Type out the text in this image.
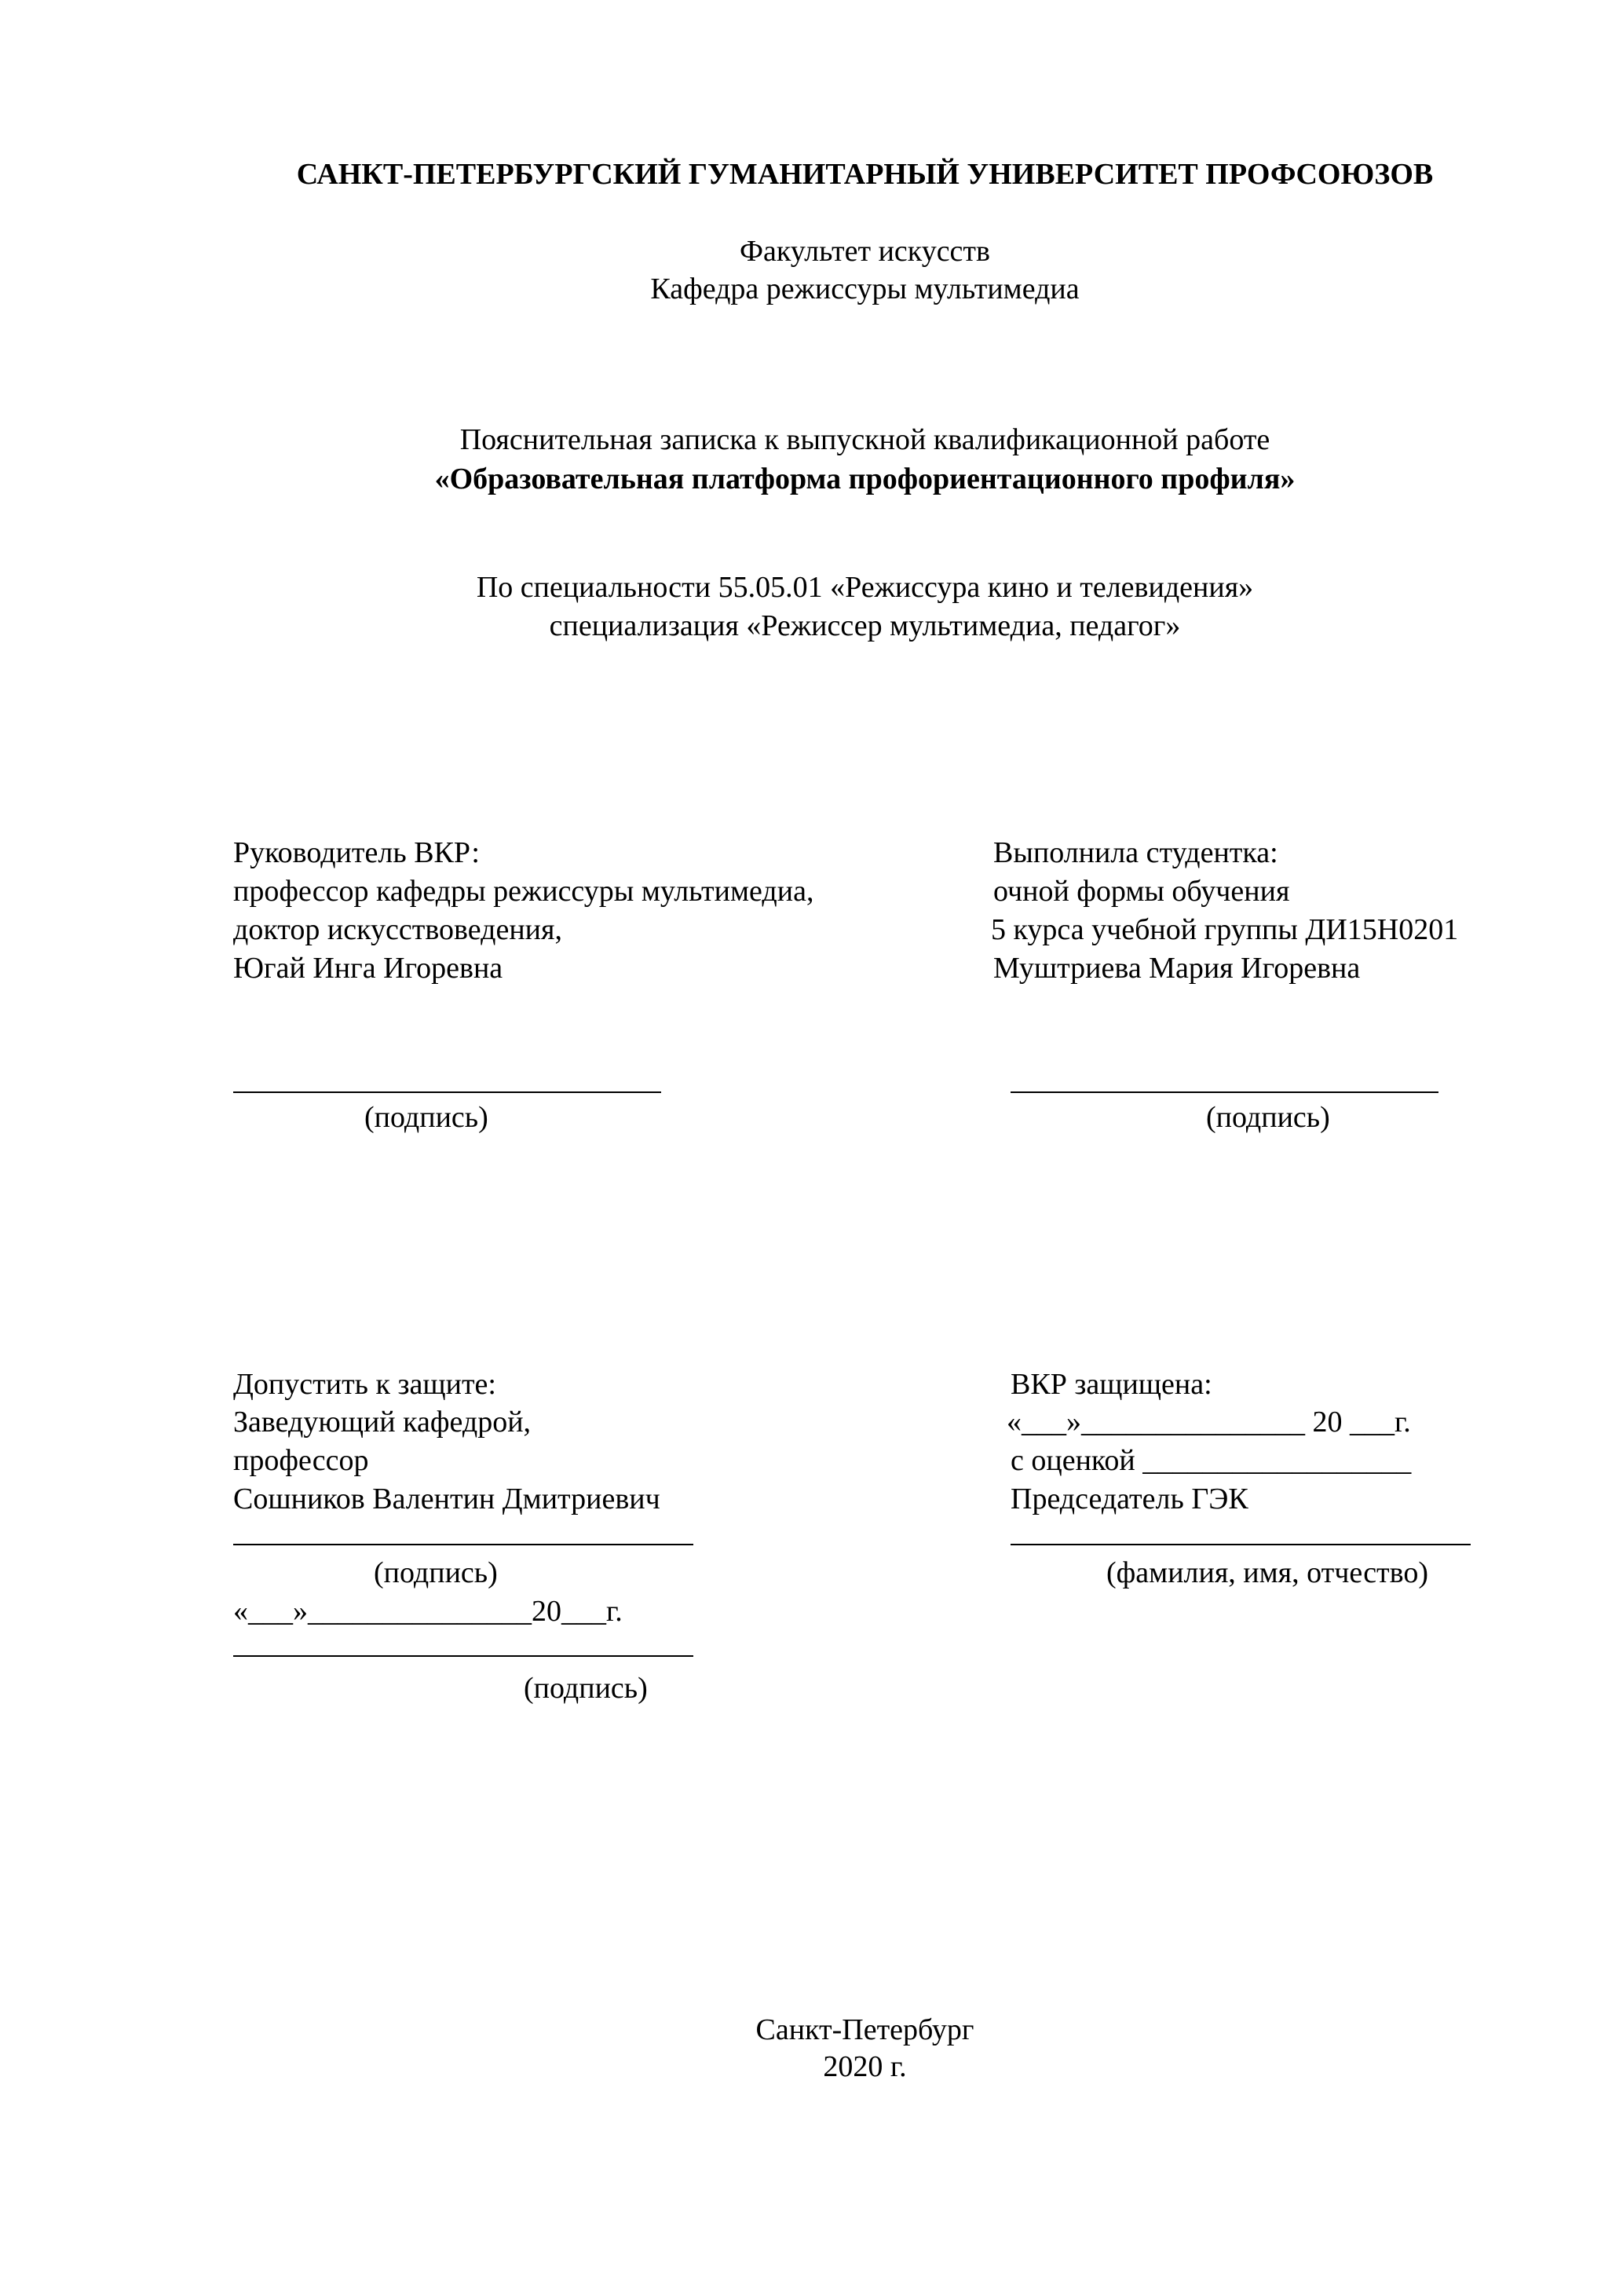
САНКТ-ПЕТЕРБУРГСКИЙ ГУМАНИТАРНЫЙ УНИВЕРСИТЕТ ПРОФСОЮЗОВ
Факультет искусств
Кафедра режиссуры мультимедиа
Пояснительная записка к выпускной квалификационной работе
«Образовательная платформа профориентационного профиля»
По специальности 55.05.01 «Режиссура кино и телевидения»
специализация «Режиссер мультимедиа, педагог»
Руководитель ВКР:
профессор кафедры режиссуры мультимедиа,
доктор искусствоведения,
Югай Инга Игоревна
(подпись)
Выполнила студентка:
очной формы обучения
5 курса учебной группы ДИ15Н0201
Муштриева Мария Игоревна
(подпись)
Допустить к защите:
Заведующий кафедрой,
профессор
Сошников Валентин Дмитриевич
(подпись)
«___»_______________20___г.
(подпись)
ВКР защищена:
«___»_______________ 20 ___г.
с оценкой __________________
Председатель ГЭК
(фамилия, имя, отчество)
Санкт-Петербург
2020 г.
